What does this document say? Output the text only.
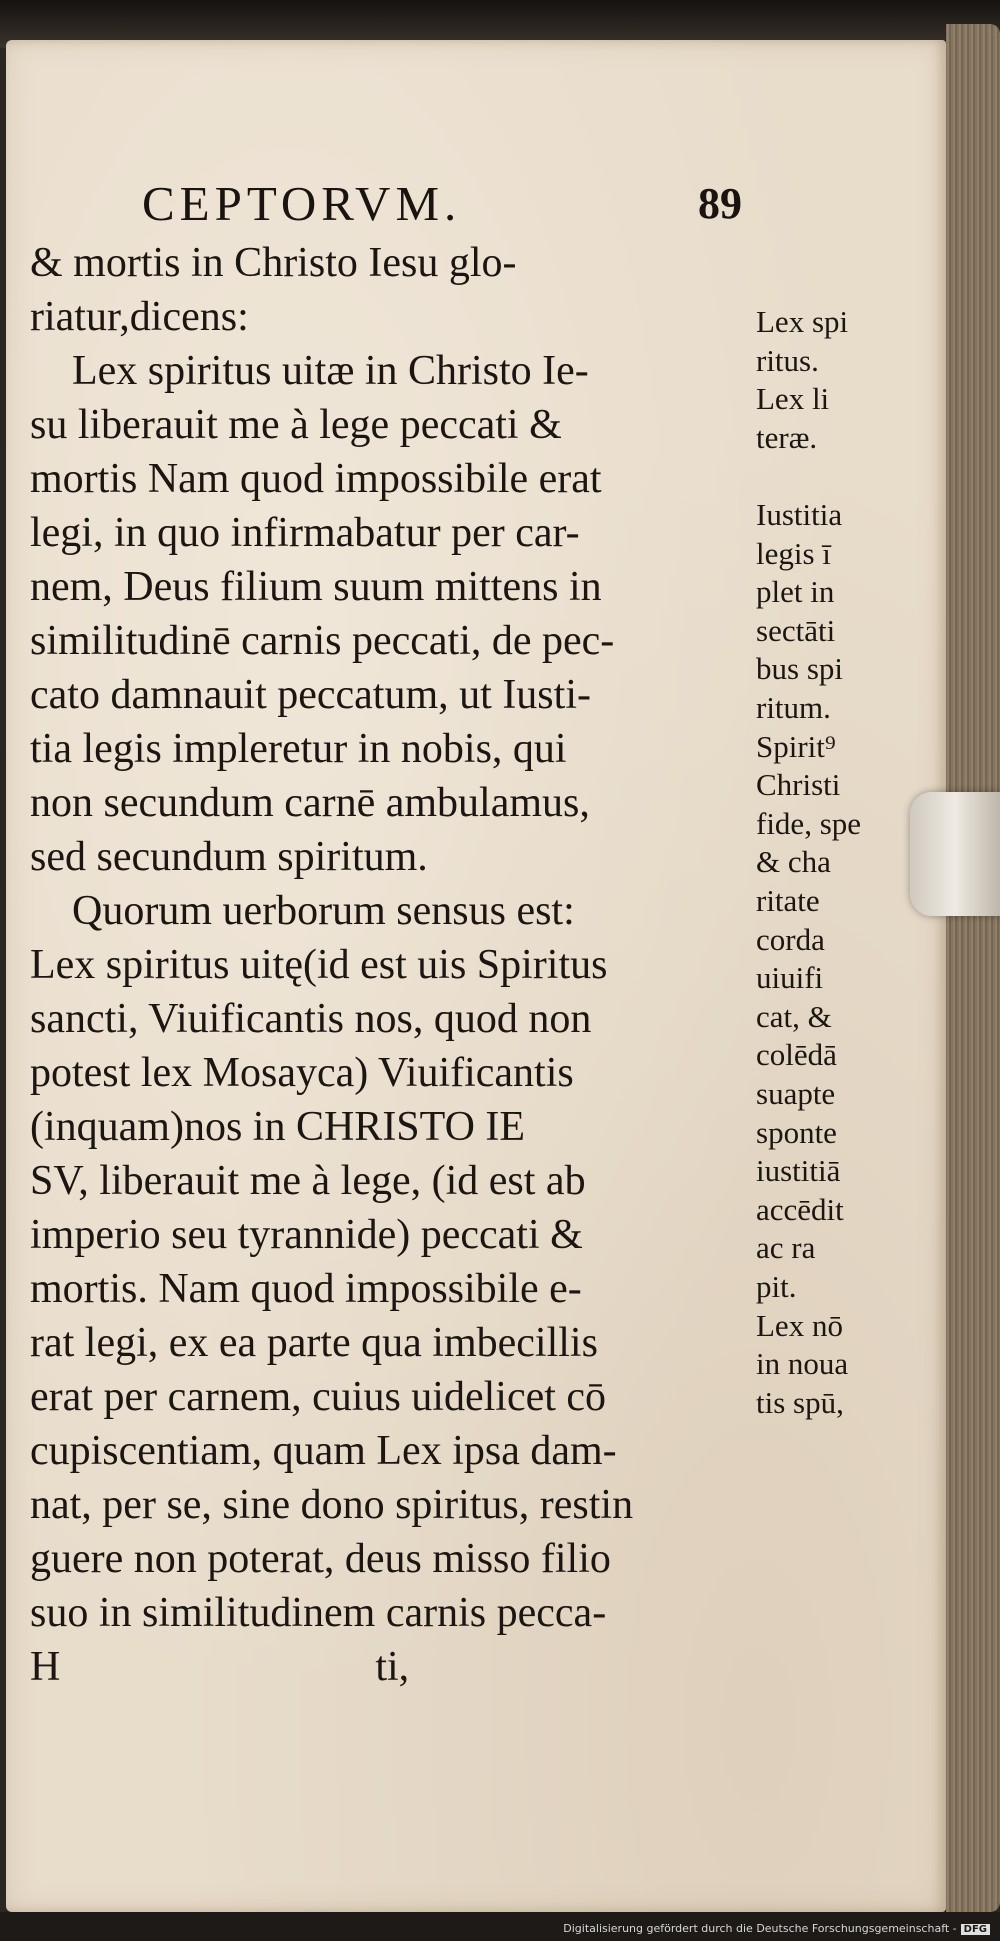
CEPTORVM.	89
& mortis in Christo Iesu glo-
riatur,dicens:
Lex spiritus uitæ in Christo Ie-
su liberauit me à lege peccati &
mortis Nam quod impossibile erat
legi, in quo infirmabatur per car-
nem, Deus filium suum mittens in
similitudinē carnis peccati, de pec-
cato damnauit peccatum, ut Iusti-
tia legis impleretur in nobis, qui
non secundum carnē ambulamus,
sed secundum spiritum.
Quorum uerborum sensus est:
Lex spiritus uitę(id est uis Spiritus
sancti, Viuificantis nos, quod non
potest lex Mosayca) Viuificantis
(inquam)nos in CHRISTO IE
SV, liberauit me à lege, (id est ab
imperio seu tyrannide) peccati &
mortis. Nam quod impossibile e-
rat legi, ex ea parte qua imbecillis
erat per carnem, cuius uidelicet cō
cupiscentiam, quam Lex ipsa dam-
nat, per se, sine dono spiritus, restin
guere non poterat, deus misso filio
suo in similitudinem carnis pecca-
H                              ti,
Lex spi
ritus.
Lex li
teræ.
Iustitia
legis ī
plet in
sectāti
bus spi
ritum.
Spirit⁹
Christi
fide, spe
& cha
ritate
corda
uiuifi
cat, &
colēdā
suapte
sponte
iustitiā
accēdit
ac ra
pit.
Lex nō
in noua
tis spū,
Digitalisierung gefördert durch die Deutsche Forschungsgemeinschaft - DFG
